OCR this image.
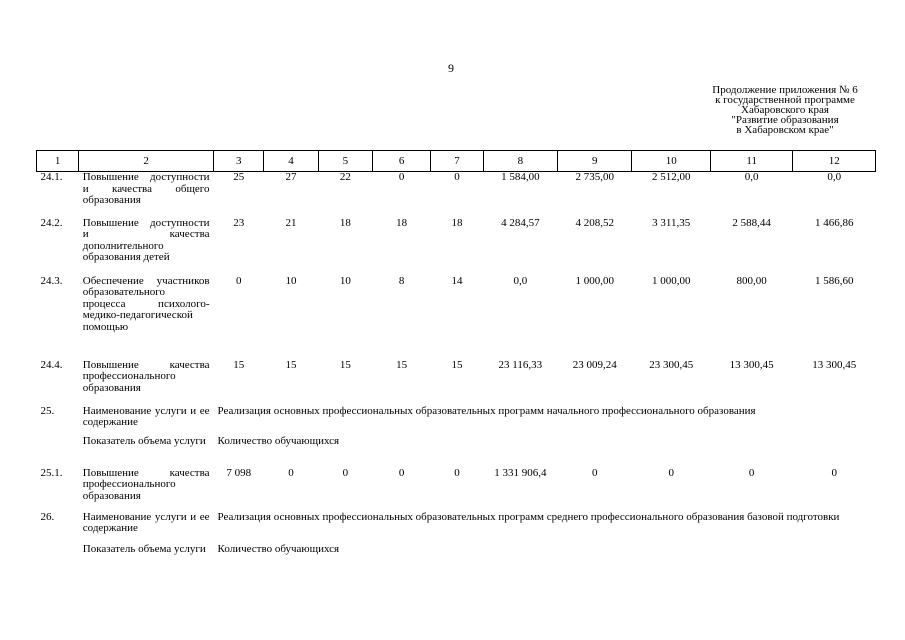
9
Продолжение приложения № 6
к государственной программе
Хабаровского края
"Развитие образования
в Хабаровском крае"
1	2	3	4	5	6	7	8	9	10	11	12
24.1.	Повышение доступности и качества общего образования	25	27	22	0	0	1 584,00	2 735,00	2 512,00	0,0	0,0
24.2.	Повышение доступности и качества дополнительного образования детей	23	21	18	18	18	4 284,57	4 208,52	3 311,35	2 588,44	1 466,86
24.3.	Обеспечение участников образовательного процесса психолого-медико-педагогической помощью	0	10	10	8	14	0,0	1 000,00	1 000,00	800,00	1 586,60
24.4.	Повышение качества профессионального образования	15	15	15	15	15	23 116,33	23 009,24	23 300,45	13 300,45	13 300,45
25.	Наименование услуги и ее содержание	Реализация основных профессиональных образовательных программ начального профессионального образования									
	Показатель объема услуги	Количество обучающихся									
25.1.	Повышение качества профессионального образования	7 098	0	0	0	0	1 331 906,4	0	0	0	0
26.	Наименование услуги и ее содержание	Реализация основных профессиональных образовательных программ среднего профессионального образования базовой подготовки									
	Показатель объема услуги	Количество обучающихся									
